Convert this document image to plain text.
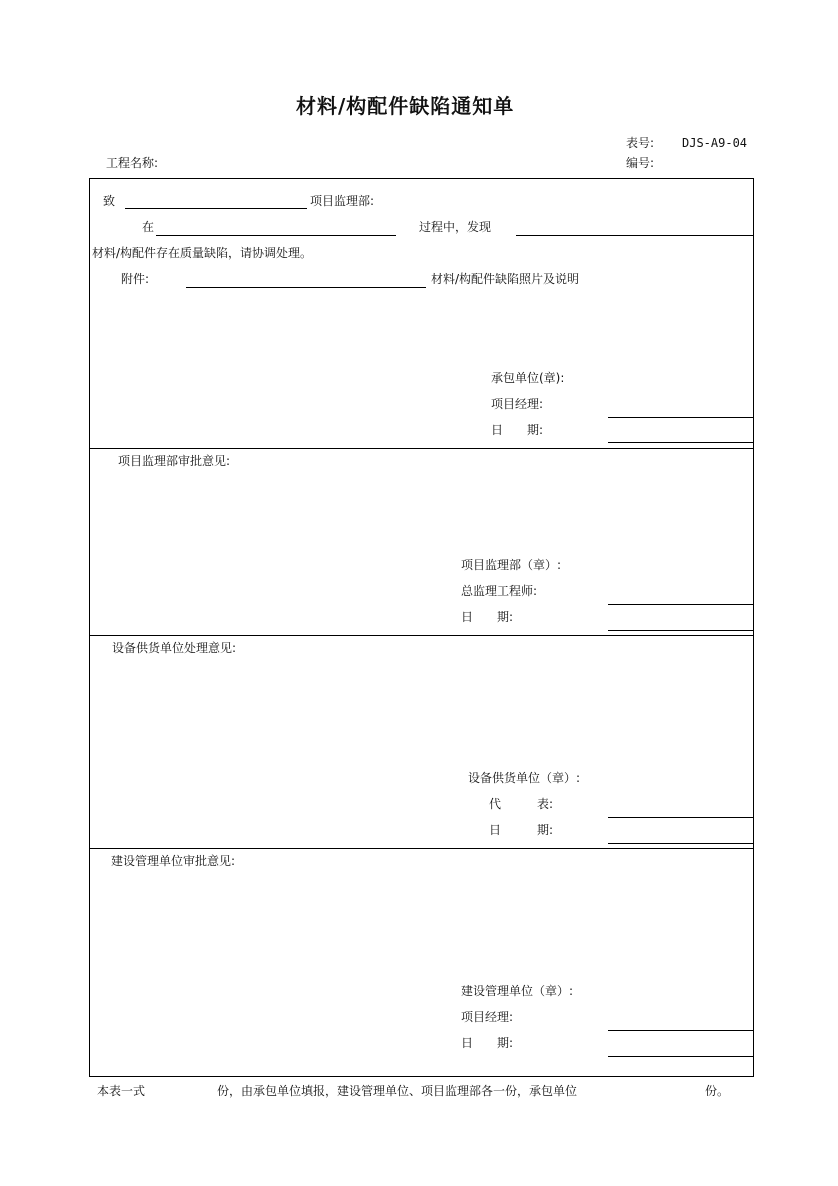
材料/构配件缺陷通知单
表号: DJS-A9-04
编号:
工程名称:
致	项目监理部:
在	过程中，发现
材料/构配件存在质量缺陷，请协调处理。
附件:	材料/构配件缺陷照片及说明
承包单位(章):
项目经理:
日　　期:
项目监理部审批意见:
项目监理部（章）:
总监理工程师:
日　　期:
设备供货单位处理意见:
设备供货单位（章）:
代　　　表:
日　　　期:
建设管理单位审批意见:
建设管理单位（章）:
项目经理:
日　　期:
本表一式	份，由承包单位填报，建设管理单位、项目监理部各一份，承包单位	份。
